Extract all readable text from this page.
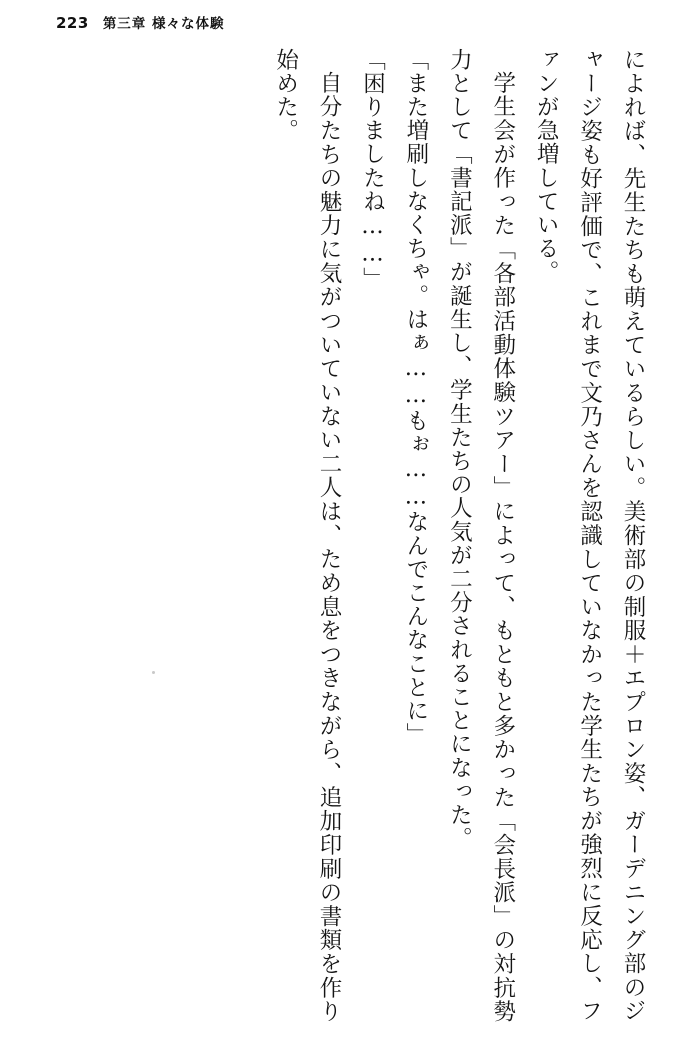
223 第三章 様々な体験

によれば、先生たちも萌えているらしい。美術部の制服＋エプロン姿、ガーデニング部のジャージ姿も好評価で、これまで文乃さんを認識していなかった学生たちが強烈に反応し、ファンが急増している。

学生会が作った「各部活動体験ツアー」によって、もともと多かった「会長派」の対抗勢力として「書記派」が誕生し、学生たちの人気が二分されることになった。

「また増刷しなくちゃ。はぁ……もぉ……なんでこんなことに」

「困りましたね……」

自分たちの魅力に気がついていない二人は、ため息をつきながら、追加印刷の書類を作り始めた。
